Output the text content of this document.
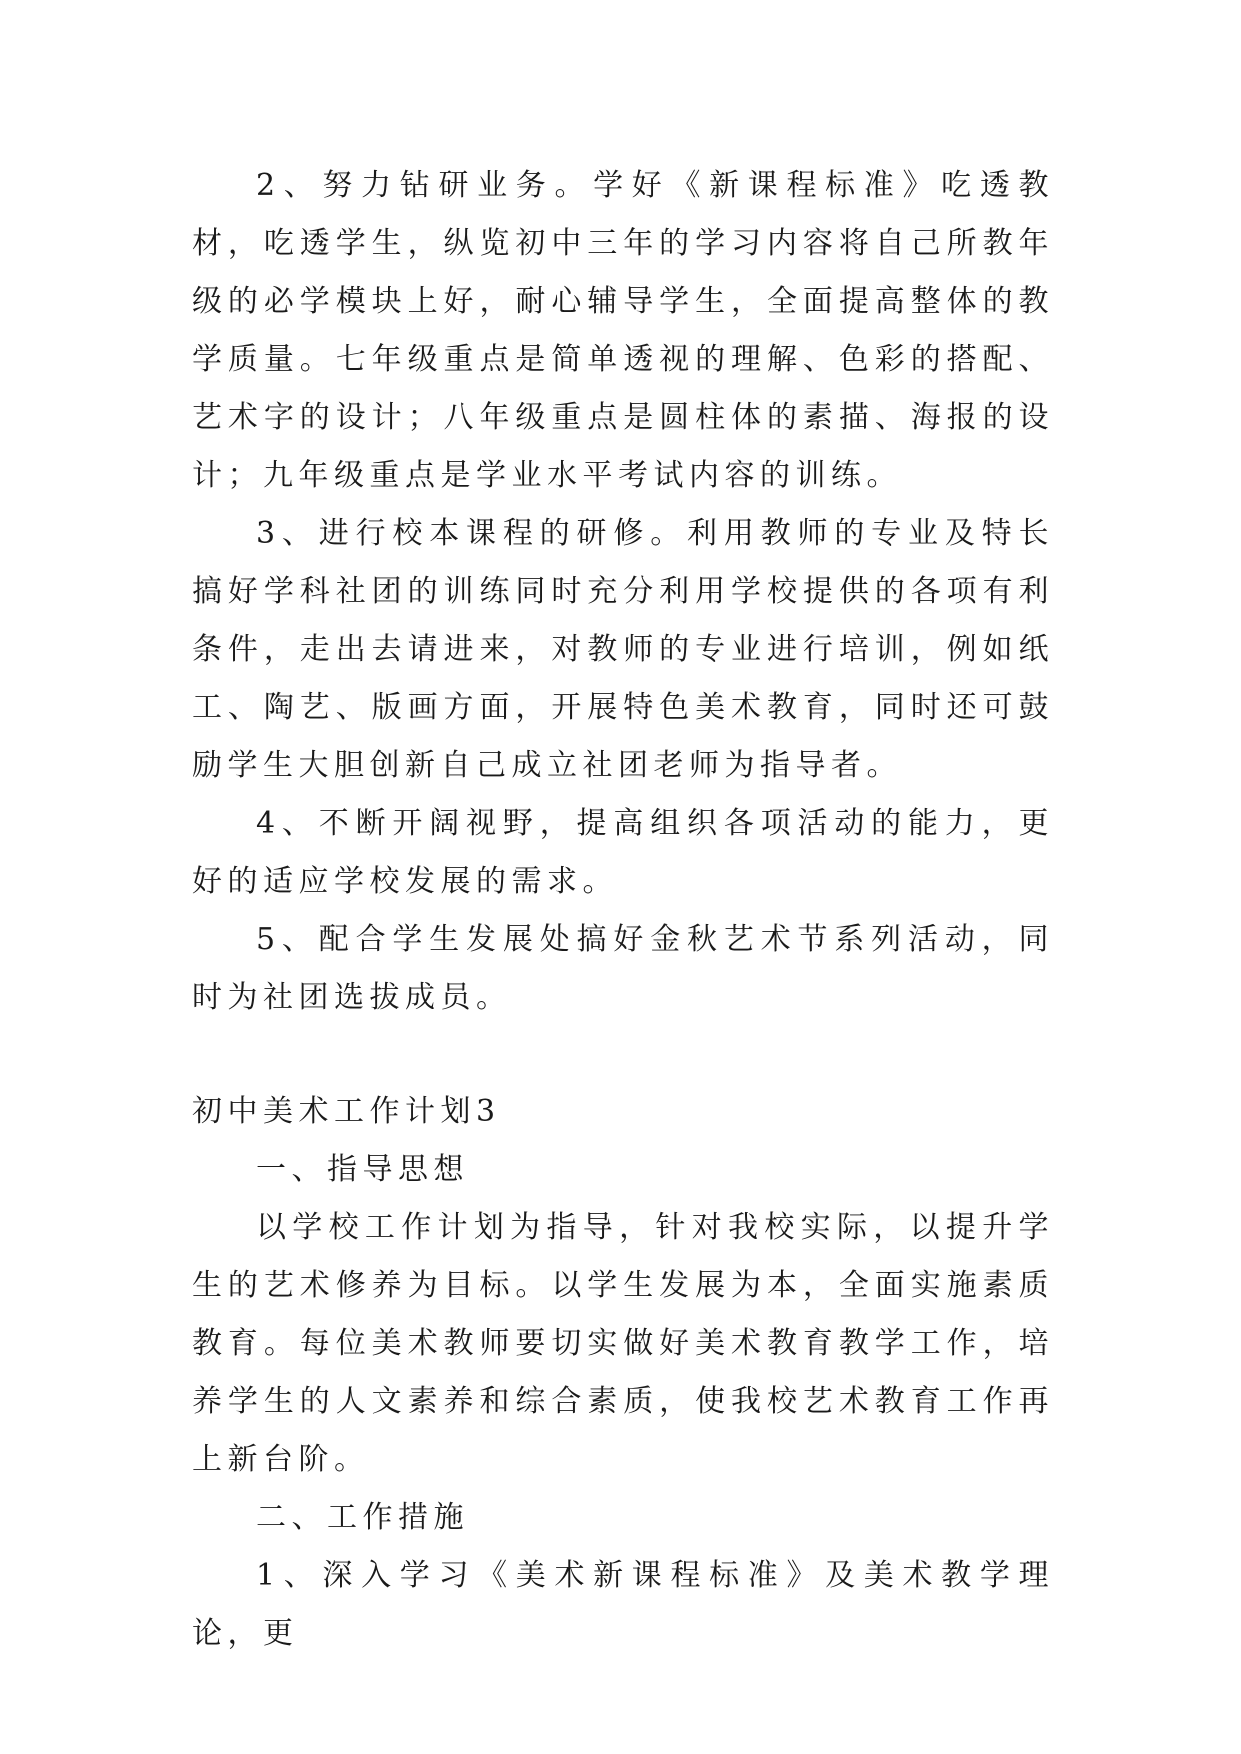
2、努力钻研业务。学好《新课程标准》吃透教材，吃透学生，纵览初中三年的学习内容将自己所教年级的必学模块上好，耐心辅导学生，全面提高整体的教学质量。七年级重点是简单透视的理解、色彩的搭配、艺术字的设计；八年级重点是圆柱体的素描、海报的设计；九年级重点是学业水平考试内容的训练。

3、进行校本课程的研修。利用教师的专业及特长搞好学科社团的训练同时充分利用学校提供的各项有利条件，走出去请进来，对教师的专业进行培训，例如纸工、陶艺、版画方面，开展特色美术教育，同时还可鼓励学生大胆创新自己成立社团老师为指导者。

4、不断开阔视野，提高组织各项活动的能力，更好的适应学校发展的需求。

5、配合学生发展处搞好金秋艺术节系列活动，同时为社团选拔成员。

初中美术工作计划3

一、指导思想

以学校工作计划为指导，针对我校实际，以提升学生的艺术修养为目标。以学生发展为本，全面实施素质教育。每位美术教师要切实做好美术教育教学工作，培养学生的人文素养和综合素质，使我校艺术教育工作再上新台阶。

二、工作措施

1、深入学习《美术新课程标准》及美术教学理论，更
